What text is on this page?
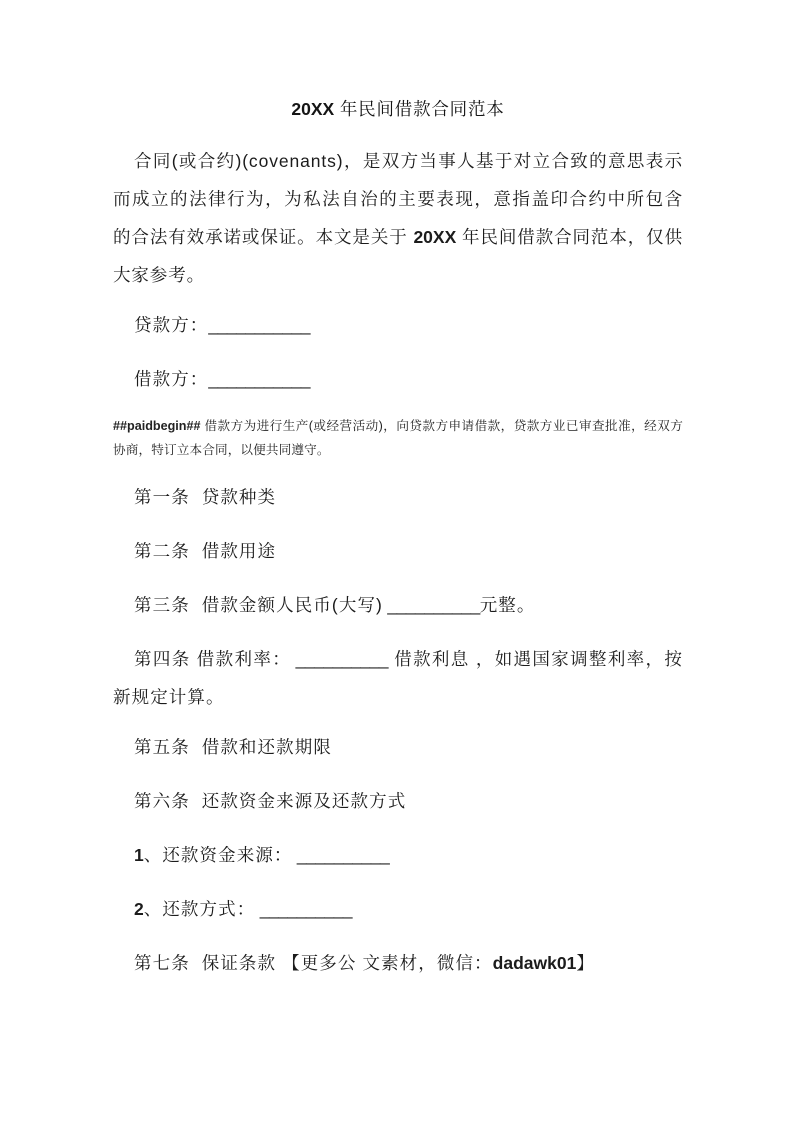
20XX 年民间借款合同范本

合同(或合约)(covenants)，是双方当事人基于对立合致的意思表示而成立的法律行为，为私法自治的主要表现，意指盖印合约中所包含的合法有效承诺或保证。本文是关于 20XX 年民间借款合同范本，仅供大家参考。

贷款方：___________

借款方：___________

##paidbegin## 借款方为进行生产(或经营活动)，向贷款方申请借款，贷款方业已审查批准，经双方协商，特订立本合同，以便共同遵守。

第一条  贷款种类

第二条  借款用途

第三条  借款金额人民币(大写) __________元整。

第四条 借款利率： __________ 借款利息 ，如遇国家调整利率，按新规定计算。

第五条  借款和还款期限

第六条  还款资金来源及还款方式

1、还款资金来源： __________

2、还款方式： __________

第七条  保证条款 【更多公 文素材，微信：dadawk01】
